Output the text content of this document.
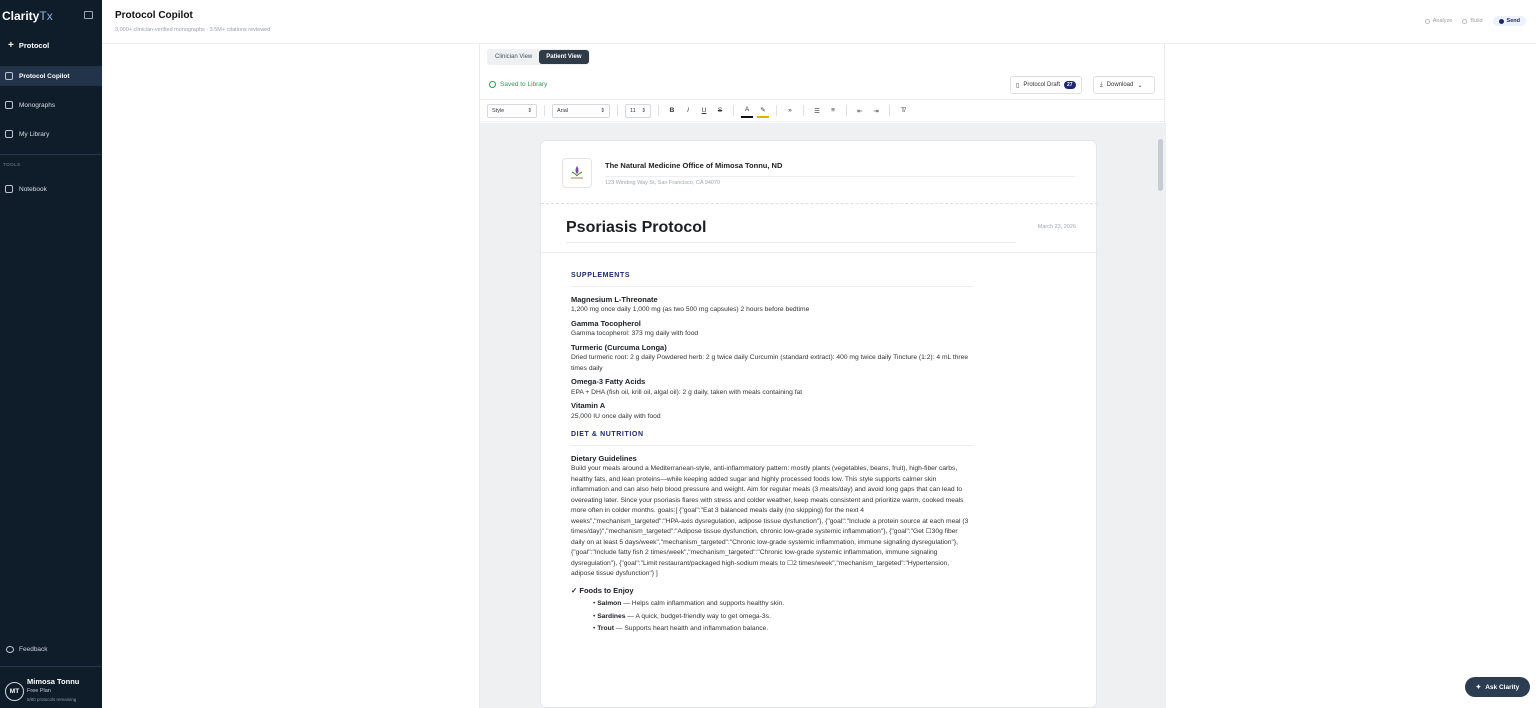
ClarityTx
+ Protocol
Protocol Copilot
Monographs
My Library
TOOLS
Notebook
Feedback
MT
Mimosa Tonnu
Free Plan
5/80 protocols remaining
Protocol Copilot
3,000+ clinician-verified monographs · 3.5M+ citations reviewed
Analyze	Build	Send
Clinician View	Patient View
Saved to Library	▯ Protocol Draft	27	⤓ Download ⌄
Style	⇕	Arial	⇕	11 ⇕	B	I	U	S	A	✎	»	☰	≡	⇤	⇥	T̸
The Natural Medicine Office of Mimosa Tonnu, ND
123 Winding Way St, San Francisco, CA 94070
Psoriasis Protocol	March 23, 2026
SUPPLEMENTS
Magnesium L-Threonate
1,200 mg once daily 1,000 mg (as two 500 mg capsules) 2 hours before bedtime
Gamma Tocopherol
Gamma tocopherol: 373 mg daily with food
Turmeric (Curcuma Longa)
Dried turmeric root: 2 g daily Powdered herb: 2 g twice daily Curcumin (standard extract): 400 mg twice daily Tincture (1:2): 4 mL three times daily
Omega-3 Fatty Acids
EPA + DHA (fish oil, krill oil, algal oil): 2 g daily, taken with meals containing fat
Vitamin A
25,000 IU once daily with food
DIET & NUTRITION
Dietary Guidelines
Build your meals around a Mediterranean-style, anti-inflammatory pattern: mostly plants (vegetables, beans, fruit), high-fiber carbs, healthy fats, and lean proteins—while keeping added sugar and highly processed foods low. This style supports calmer skin inflammation and can also help blood pressure and weight. Aim for regular meals (3 meals/day) and avoid long gaps that can lead to overeating later. Since your psoriasis flares with stress and colder weather, keep meals consistent and prioritize warm, cooked meals more often in colder months. goals:[ {"goal":"Eat 3 balanced meals daily (no skipping) for the next 4 weeks","mechanism_targeted":"HPA-axis dysregulation, adipose tissue dysfunction"}, {"goal":"Include a protein source at each meal (3 times/day)","mechanism_targeted":"Adipose tissue dysfunction, chronic low-grade systemic inflammation"}, {"goal":"Get ☐30g fiber daily on at least 5 days/week","mechanism_targeted":"Chronic low-grade systemic inflammation, immune signaling dysregulation"}, {"goal":"Include fatty fish 2 times/week","mechanism_targeted":"Chronic low-grade systemic inflammation, immune signaling dysregulation"}, {"goal":"Limit restaurant/packaged high-sodium meals to ☐2 times/week","mechanism_targeted":"Hypertension, adipose tissue dysfunction"} ]
✓ Foods to Enjoy
• Salmon — Helps calm inflammation and supports healthy skin.
• Sardines — A quick, budget-friendly way to get omega-3s.
• Trout — Supports heart health and inflammation balance.
✦ Ask Clarity
